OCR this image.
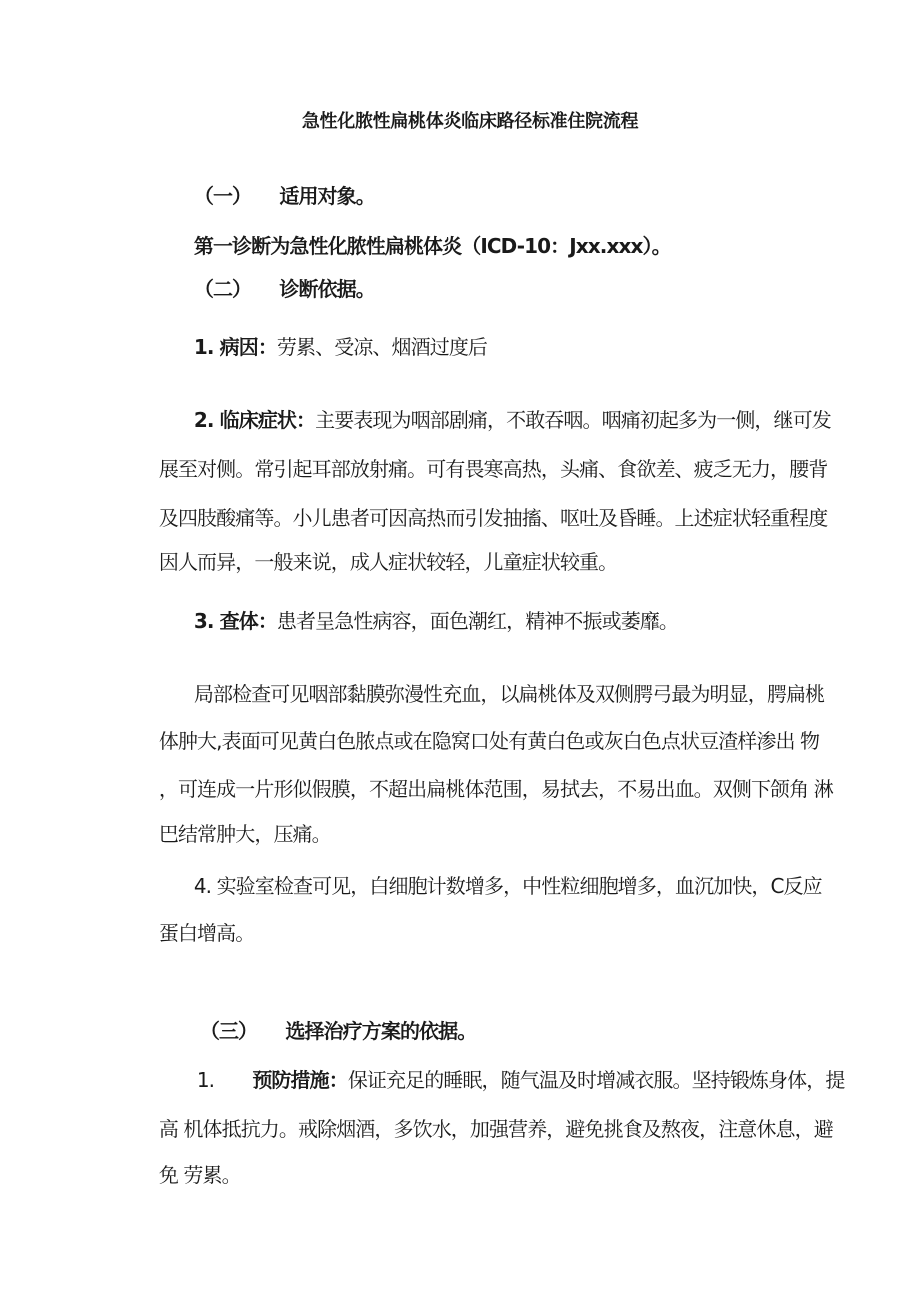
急性化脓性扁桃体炎临床路径标准住院流程

（一）　　适用对象。

第一诊断为急性化脓性扁桃体炎（ICD-10：Jxx.xxx）。

（二）　　诊断依据。

1. 病因：劳累、受凉、烟酒过度后

2. 临床症状：主要表现为咽部剧痛，不敢吞咽。咽痛初起多为一侧，继可发

展至对侧。常引起耳部放射痛。可有畏寒高热，头痛、食欲差、疲乏无力，腰背

及四肢酸痛等。小儿患者可因高热而引发抽搐、呕吐及昏睡。上述症状轻重程度

因人而异，一般来说，成人症状较轻，儿童症状较重。

3. 查体：患者呈急性病容，面色潮红，精神不振或萎靡。

局部检查可见咽部黏膜弥漫性充血，以扁桃体及双侧腭弓最为明显，腭扁桃

体肿大,表面可见黄白色脓点或在隐窝口处有黄白色或灰白色点状豆渣样渗出 物

，可连成一片形似假膜，不超出扁桃体范围，易拭去，不易出血。双侧下颌角 淋

巴结常肿大，压痛。

4. 实验室检查可见，白细胞计数增多，中性粒细胞增多，血沉加快，C反应

蛋白增高。

（三）　　选择治疗方案的依据。

1.　　预防措施：保证充足的睡眠，随气温及时增减衣服。坚持锻炼身体，提

高 机体抵抗力。戒除烟酒，多饮水，加强营养，避免挑食及熬夜，注意休息，避

免 劳累。
